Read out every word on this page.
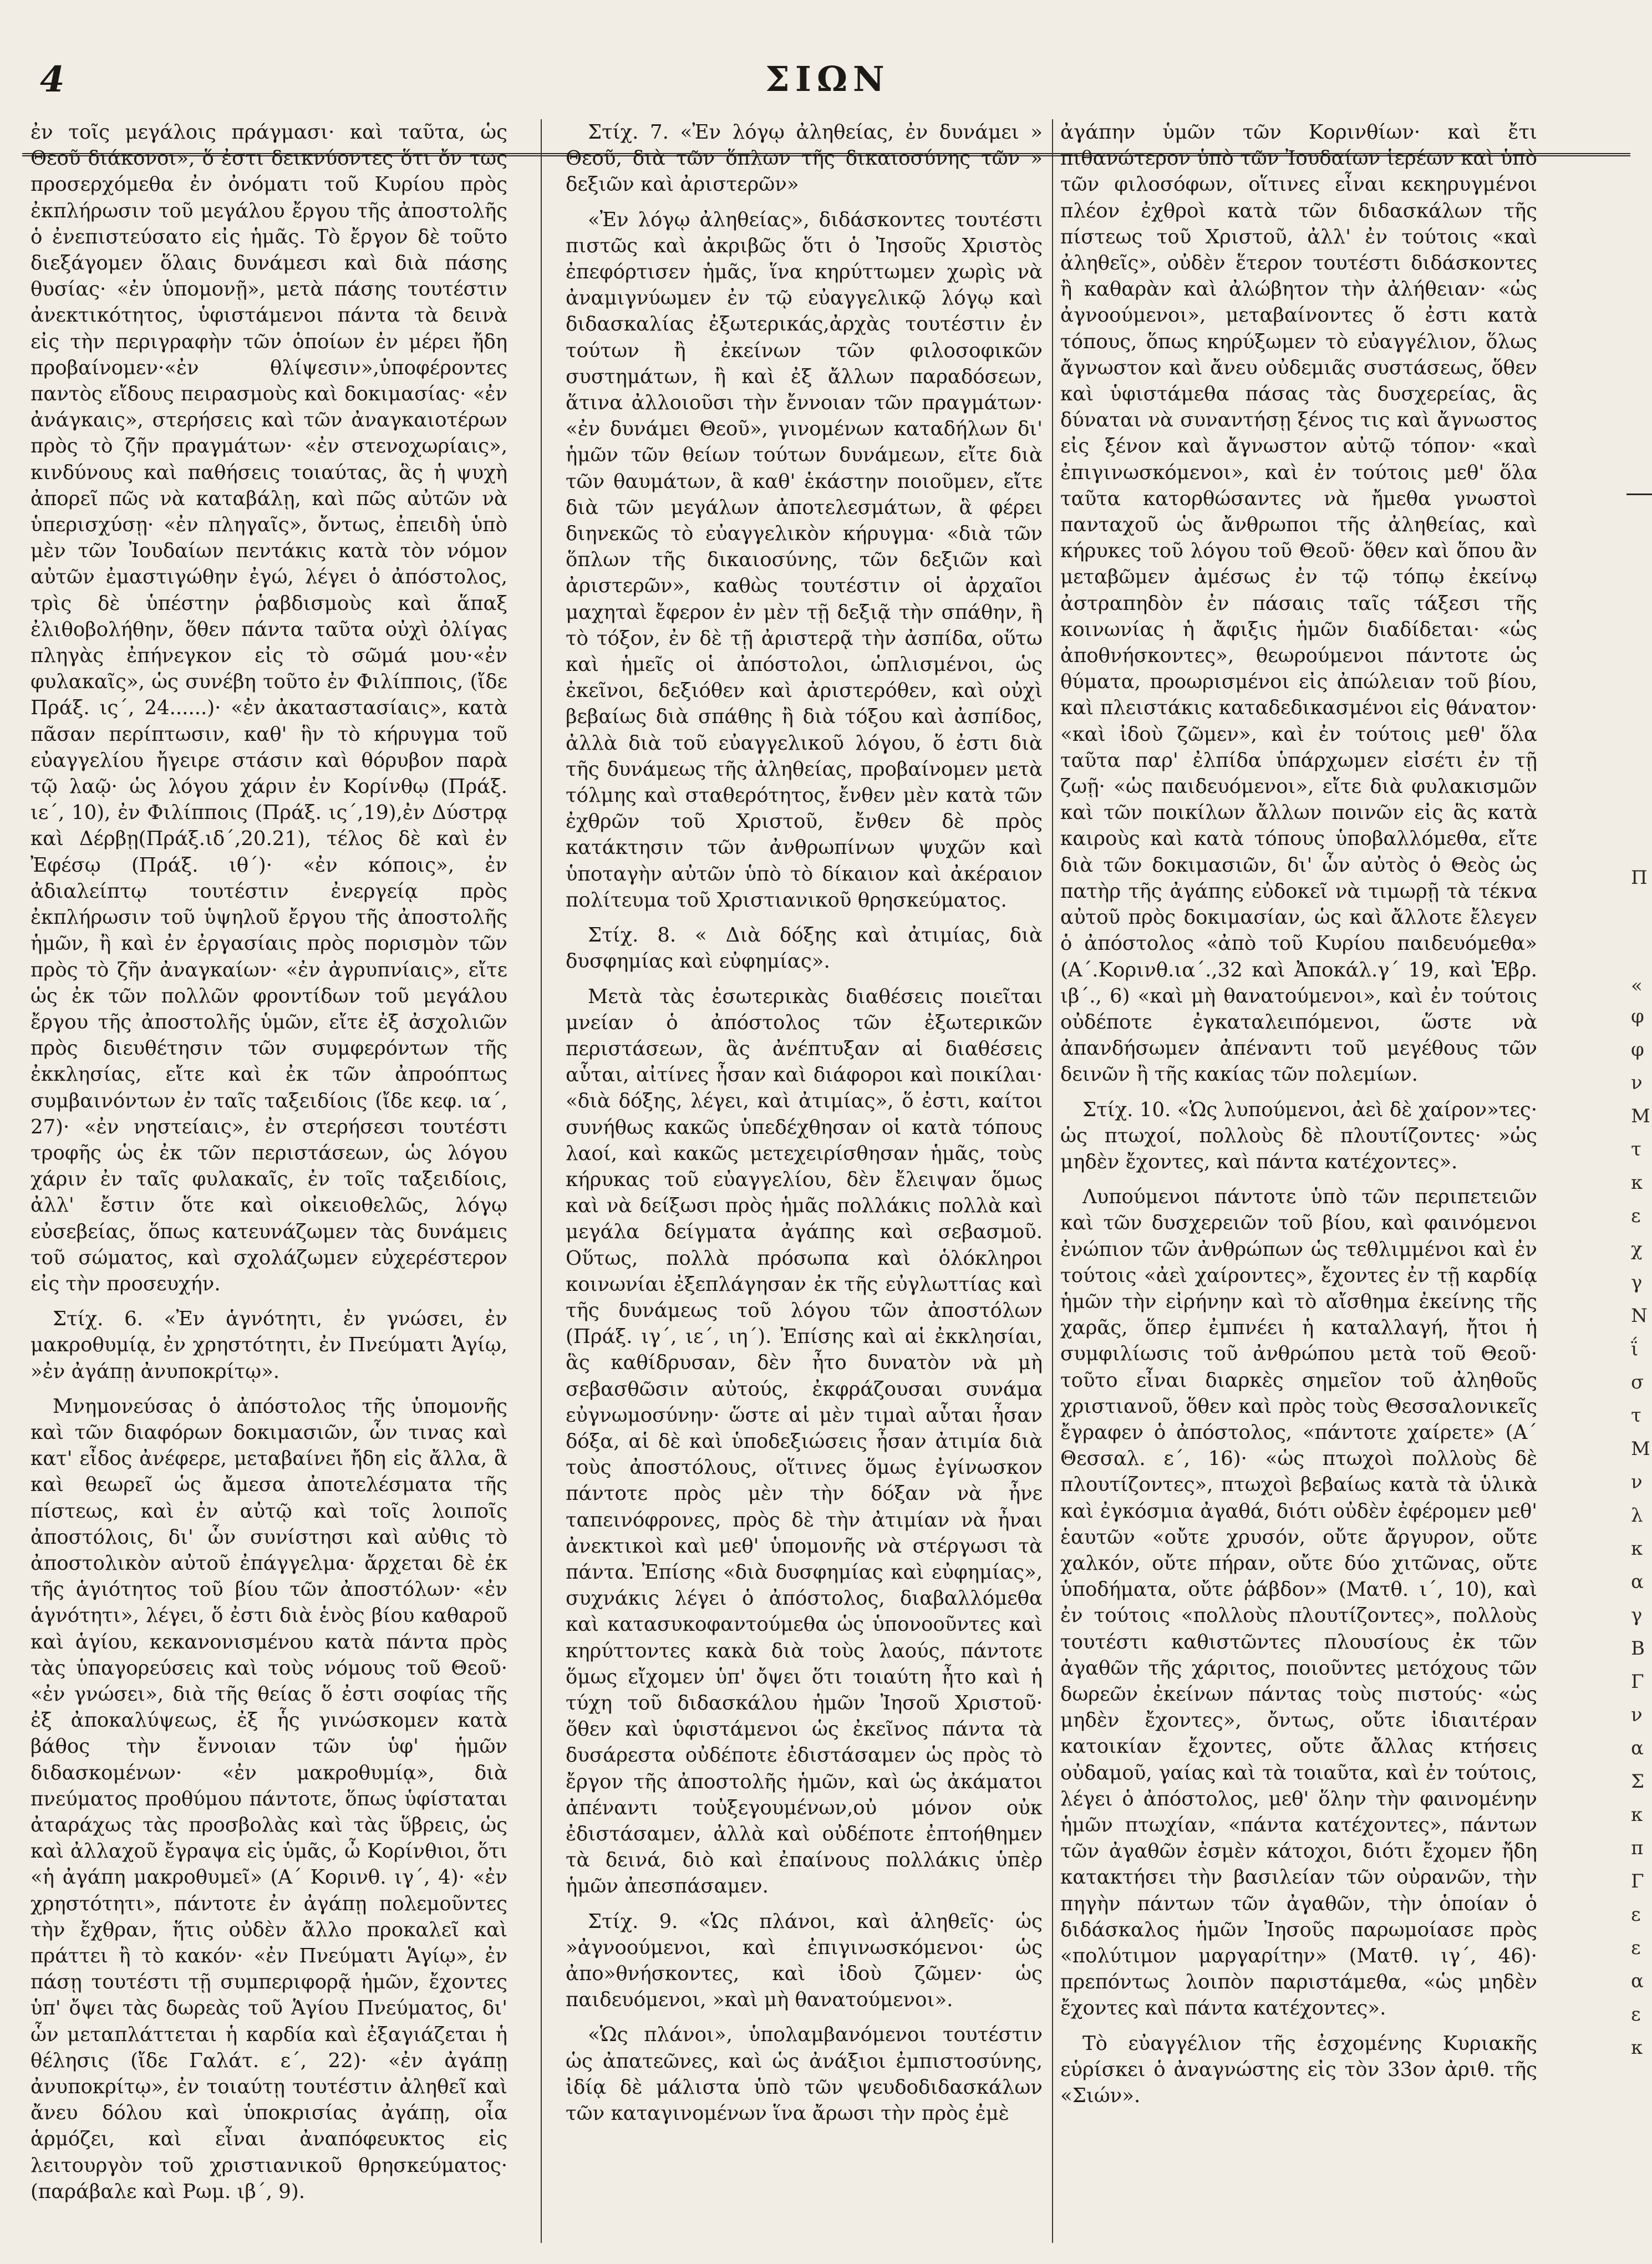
4	ΣΙΩΝ

ἐν τοῖς μεγάλοις πράγμασι· καὶ ταῦτα, ὡς Θεοῦ διάκονοι», ὅ ἐστι δεικνύοντες ὅτι ὄν τως προσερχόμεθα ἐν ὀνόματι τοῦ Κυρίου πρὸς ἐκπλήρωσιν τοῦ μεγάλου ἔργου τῆς ἀποστολῆς ὁ ἐνεπιστεύσατο εἰς ἡμᾶς. Τὸ ἔργον δὲ τοῦτο διεξάγομεν ὅλαις δυνάμεσι καὶ διὰ πάσης θυσίας· «ἐν ὑπομονῇ», μετὰ πάσης τουτέστιν ἀνεκτικότητος, ὑφιστάμενοι πάντα τὰ δεινὰ εἰς τὴν περιγραφὴν τῶν ὁποίων ἐν μέρει ἤδη προβαίνομεν·«ἐν θλίψεσιν»,ὑποφέροντες παντὸς εἴδους πειρασμοὺς καὶ δοκιμασίας· «ἐν ἀνάγκαις», στερήσεις καὶ τῶν ἀναγκαιοτέρων πρὸς τὸ ζῆν πραγμάτων· «ἐν στενοχωρίαις», κινδύνους καὶ παθήσεις τοιαύτας, ἃς ἡ ψυχὴ ἀπορεῖ πῶς νὰ καταβάλῃ, καὶ πῶς αὐτῶν νὰ ὑπερισχύσῃ· «ἐν πληγαῖς», ὄντως, ἐπειδὴ ὑπὸ μὲν τῶν Ἰουδαίων πεντάκις κατὰ τὸν νόμον αὐτῶν ἐμαστιγώθην ἐγώ, λέγει ὁ ἀπόστολος, τρὶς δὲ ὑπέστην ῥαβδισμοὺς καὶ ἅπαξ ἐλιθοβολήθην, ὅθεν πάντα ταῦτα οὐχὶ ὀλίγας πληγὰς ἐπήνεγκον εἰς τὸ σῶμά μου·«ἐν φυλακαῖς», ὡς συνέβη τοῦτο ἐν Φιλίπποις, (ἴδε Πράξ. ις΄, 24......)· «ἐν ἀκαταστασίαις», κατὰ πᾶσαν περίπτωσιν, καθ' ἣν τὸ κήρυγμα τοῦ εὐαγγελίου ἤγειρε στάσιν καὶ θόρυβον παρὰ τῷ λαῷ· ὡς λόγου χάριν ἐν Κορίνθῳ (Πράξ. ιε΄, 10), ἐν Φιλίπποις (Πράξ. ις΄,19),ἐν Δύστρᾳ καὶ Δέρβῃ(Πράξ.ιδ΄,20.21), τέλος δὲ καὶ ἐν Ἐφέσῳ (Πράξ. ιθ΄)· «ἐν κόποις», ἐν ἀδιαλείπτῳ τουτέστιν ἐνεργείᾳ πρὸς ἐκπλήρωσιν τοῦ ὑψηλοῦ ἔργου τῆς ἀποστολῆς ἡμῶν, ἢ καὶ ἐν ἐργασίαις πρὸς πορισμὸν τῶν πρὸς τὸ ζῆν ἀναγκαίων· «ἐν ἀγρυπνίαις», εἴτε ὡς ἐκ τῶν πολλῶν φροντίδων τοῦ μεγάλου ἔργου τῆς ἀποστολῆς ὑμῶν, εἴτε ἐξ ἀσχολιῶν πρὸς διευθέτησιν τῶν συμφερόντων τῆς ἐκκλησίας, εἴτε καὶ ἐκ τῶν ἀπροόπτως συμβαινόντων ἐν ταῖς ταξειδίοις (ἴδε κεφ. ια΄, 27)· «ἐν νηστείαις», ἐν στερήσεσι τουτέστι τροφῆς ὡς ἐκ τῶν περιστάσεων, ὡς λόγου χάριν ἐν ταῖς φυλακαῖς, ἐν τοῖς ταξειδίοις, ἀλλ' ἔστιν ὅτε καὶ οἰκειοθελῶς, λόγῳ εὐσεβείας, ὅπως κατευνάζωμεν τὰς δυνάμεις τοῦ σώματος, καὶ σχολάζωμεν εὐχερέστερον εἰς τὴν προσευχήν.

Στίχ. 6. «Ἐν ἁγνότητι, ἐν γνώσει, ἐν μακροθυμίᾳ, ἐν χρηστότητι, ἐν Πνεύματι Ἁγίῳ, »ἐν ἀγάπῃ ἀνυποκρίτῳ».

Μνημονεύσας ὁ ἀπόστολος τῆς ὑπομονῆς καὶ τῶν διαφόρων δοκιμασιῶν, ὧν τινας καὶ κατ' εἶδος ἀνέφερε, μεταβαίνει ἤδη εἰς ἄλλα, ἃ καὶ θεωρεῖ ὡς ἄμεσα ἀποτελέσματα τῆς πίστεως, καὶ ἐν αὐτῷ καὶ τοῖς λοιποῖς ἀποστόλοις, δι' ὧν συνίστησι καὶ αὐθις τὸ ἀποστολικὸν αὐτοῦ ἐπάγγελμα· ἄρχεται δὲ ἐκ τῆς ἁγιότητος τοῦ βίου τῶν ἀποστόλων· «ἐν ἁγνότητι», λέγει, ὅ ἐστι διὰ ἑνὸς βίου καθαροῦ καὶ ἁγίου, κεκανονισμένου κατὰ πάντα πρὸς τὰς ὑπαγορεύσεις καὶ τοὺς νόμους τοῦ Θεοῦ· «ἐν γνώσει», διὰ τῆς θείας ὅ ἐστι σοφίας τῆς ἐξ ἀποκαλύψεως, ἐξ ἧς γινώσκομεν κατὰ βάθος τὴν ἔννοιαν τῶν ὑφ' ἡμῶν διδασκομένων· «ἐν μακροθυμίᾳ», διὰ πνεύματος προθύμου πάντοτε, ὅπως ὑφίσταται ἀταράχως τὰς προσβολὰς καὶ τὰς ὕβρεις, ὡς καὶ ἀλλαχοῦ ἔγραψα εἰς ὑμᾶς, ὦ Κορίνθιοι, ὅτι «ἡ ἀγάπη μακροθυμεῖ» (Α΄ Κορινθ. ιγ΄, 4)· «ἐν χρηστότητι», πάντοτε ἐν ἀγάπῃ πολεμοῦντες τὴν ἔχθραν, ἥτις οὐδὲν ἄλλο προκαλεῖ καὶ πράττει ἢ τὸ κακόν· «ἐν Πνεύματι Ἁγίῳ», ἐν πάσῃ τουτέστι τῇ συμπεριφορᾷ ἡμῶν, ἔχοντες ὑπ' ὄψει τὰς δωρεὰς τοῦ Ἁγίου Πνεύματος, δι' ὧν μεταπλάττεται ἡ καρδία καὶ ἐξαγιάζεται ἡ θέλησις (ἴδε Γαλάτ. ε΄, 22)· «ἐν ἀγάπῃ ἀνυποκρίτῳ», ἐν τοιαύτῃ τουτέστιν ἀληθεῖ καὶ ἄνευ δόλου καὶ ὑποκρισίας ἀγάπῃ, οἷα ἁρμόζει, καὶ εἶναι ἀναπόφευκτος εἰς λειτουργὸν τοῦ χριστιανικοῦ θρησκεύματος· (παράβαλε καὶ Ρωμ. ιβ΄, 9).

Στίχ. 7. «Ἐν λόγῳ ἀληθείας, ἐν δυνάμει » Θεοῦ, διὰ τῶν ὅπλων τῆς δικαιοσύνης τῶν » δεξιῶν καὶ ἀριστερῶν»

«Ἐν λόγῳ ἀληθείας», διδάσκοντες τουτέστι πιστῶς καὶ ἀκριβῶς ὅτι ὁ Ἰησοῦς Χριστὸς ἐπεφόρτισεν ἡμᾶς, ἵνα κηρύττωμεν χωρὶς νὰ ἀναμιγνύωμεν ἐν τῷ εὐαγγελικῷ λόγῳ καὶ διδασκαλίας ἐξωτερικάς,ἀρχὰς τουτέστιν ἐν τούτων ἢ ἐκείνων τῶν φιλοσοφικῶν συστημάτων, ἢ καὶ ἐξ ἄλλων παραδόσεων, ἅτινα ἀλλοιοῦσι τὴν ἔννοιαν τῶν πραγμάτων· «ἐν δυνάμει Θεοῦ», γινομένων καταδήλων δι' ἡμῶν τῶν θείων τούτων δυνάμεων, εἴτε διὰ τῶν θαυμάτων, ἃ καθ' ἑκάστην ποιοῦμεν, εἴτε διὰ τῶν μεγάλων ἀποτελεσμάτων, ἃ φέρει διηνεκῶς τὸ εὐαγγελικὸν κήρυγμα· «διὰ τῶν ὅπλων τῆς δικαιοσύνης, τῶν δεξιῶν καὶ ἀριστερῶν», καθὼς τουτέστιν οἱ ἀρχαῖοι μαχηταὶ ἔφερον ἐν μὲν τῇ δεξιᾷ τὴν σπάθην, ἢ τὸ τόξον, ἐν δὲ τῇ ἀριστερᾷ τὴν ἀσπίδα, οὕτω καὶ ἡμεῖς οἱ ἀπόστολοι, ὡπλισμένοι, ὡς ἐκεῖνοι, δεξιόθεν καὶ ἀριστερόθεν, καὶ οὐχὶ βεβαίως διὰ σπάθης ἢ διὰ τόξου καὶ ἀσπίδος, ἀλλὰ διὰ τοῦ εὐαγγελικοῦ λόγου, ὅ ἐστι διὰ τῆς δυνάμεως τῆς ἀληθείας, προβαίνομεν μετὰ τόλμης καὶ σταθερότητος, ἔνθεν μὲν κατὰ τῶν ἐχθρῶν τοῦ Χριστοῦ, ἔνθεν δὲ πρὸς κατάκτησιν τῶν ἀνθρωπίνων ψυχῶν καὶ ὑποταγὴν αὐτῶν ὑπὸ τὸ δίκαιον καὶ ἀκέραιον πολίτευμα τοῦ Χριστιανικοῦ θρησκεύματος.

Στίχ. 8. « Διὰ δόξης καὶ ἀτιμίας, διὰ δυσφημίας καὶ εὐφημίας».

Μετὰ τὰς ἐσωτερικὰς διαθέσεις ποιεῖται μνείαν ὁ ἀπόστολος τῶν ἐξωτερικῶν περιστάσεων, ἃς ἀνέπτυξαν αἱ διαθέσεις αὗται, αἰτίνες ἦσαν καὶ διάφοροι καὶ ποικίλαι· «διὰ δόξης, λέγει, καὶ ἀτιμίας», ὅ ἐστι, καίτοι συνήθως κακῶς ὑπεδέχθησαν οἱ κατὰ τόπους λαοί, καὶ κακῶς μετεχειρίσθησαν ἡμᾶς, τοὺς κήρυκας τοῦ εὐαγγελίου, δὲν ἔλειψαν ὅμως καὶ νὰ δείξωσι πρὸς ἡμᾶς πολλάκις πολλὰ καὶ μεγάλα δείγματα ἀγάπης καὶ σεβασμοῦ. Οὕτως, πολλὰ πρόσωπα καὶ ὁλόκληροι κοινωνίαι ἐξεπλάγησαν ἐκ τῆς εὐγλωττίας καὶ τῆς δυνάμεως τοῦ λόγου τῶν ἀποστόλων (Πράξ. ιγ΄, ιε΄, ιη΄). Ἐπίσης καὶ αἱ ἐκκλησίαι, ἃς καθίδρυσαν, δὲν ἦτο δυνατὸν νὰ μὴ σεβασθῶσιν αὐτούς, ἐκφράζουσαι συνάμα εὐγνωμοσύνην· ὥστε αἱ μὲν τιμαὶ αὗται ἦσαν δόξα, αἱ δὲ καὶ ὑποδεξιώσεις ἦσαν ἀτιμία διὰ τοὺς ἀποστόλους, οἵτινες ὅμως ἐγίνωσκον πάντοτε πρὸς μὲν τὴν δόξαν νὰ ἦνε ταπεινόφρονες, πρὸς δὲ τὴν ἀτιμίαν νὰ ἦναι ἀνεκτικοὶ καὶ μεθ' ὑπομονῆς νὰ στέργωσι τὰ πάντα. Ἐπίσης «διὰ δυσφημίας καὶ εὐφημίας», συχνάκις λέγει ὁ ἀπόστολος, διαβαλλόμεθα καὶ κατασυκοφαντούμεθα ὡς ὑπονοοῦντες καὶ κηρύττοντες κακὰ διὰ τοὺς λαούς, πάντοτε ὅμως εἴχομεν ὑπ' ὄψει ὅτι τοιαύτη ἦτο καὶ ἡ τύχη τοῦ διδασκάλου ἡμῶν Ἰησοῦ Χριστοῦ· ὅθεν καὶ ὑφιστάμενοι ὡς ἐκεῖνος πάντα τὰ δυσάρεστα οὐδέποτε ἐδιστάσαμεν ὡς πρὸς τὸ ἔργον τῆς ἀποστολῆς ἡμῶν, καὶ ὡς ἀκάματοι ἀπέναντι τοὐξεγουμένων,οὐ μόνον οὐκ ἐδιστάσαμεν, ἀλλὰ καὶ οὐδέποτε ἐπτοήθημεν τὰ δεινά, διὸ καὶ ἐπαίνους πολλάκις ὑπὲρ ἡμῶν ἀπεσπάσαμεν.

Στίχ. 9. «Ὡς πλάνοι, καὶ ἀληθεῖς· ὡς »ἀγνοούμενοι, καὶ ἐπιγινωσκόμενοι· ὡς ἀπο»θνήσκοντες, καὶ ἰδοὺ ζῶμεν· ὡς παιδευόμενοι, »καὶ μὴ θανατούμενοι».

«Ὡς πλάνοι», ὑπολαμβανόμενοι τουτέστιν ὡς ἀπατεῶνες, καὶ ὡς ἀνάξιοι ἐμπιστοσύνης, ἰδίᾳ δὲ μάλιστα ὑπὸ τῶν ψευδοδιδασκάλων τῶν καταγινομένων ἵνα ἄρωσι τὴν πρὸς ἐμὲ

ἀγάπην ὑμῶν τῶν Κορινθίων· καὶ ἔτι πιθανώτερον ὑπὸ τῶν Ἰουδαίων ἱερέων καὶ ὑπὸ τῶν φιλοσόφων, οἵτινες εἶναι κεκηρυγμένοι πλέον ἐχθροὶ κατὰ τῶν διδασκάλων τῆς πίστεως τοῦ Χριστοῦ, ἀλλ' ἐν τούτοις «καὶ ἀληθεῖς», οὐδὲν ἕτερον τουτέστι διδάσκοντες ἢ καθαρὰν καὶ ἀλώβητον τὴν ἀλήθειαν· «ὡς ἀγνοούμενοι», μεταβαίνοντες ὅ ἐστι κατὰ τόπους, ὅπως κηρύξωμεν τὸ εὐαγγέλιον, ὅλως ἄγνωστον καὶ ἄνευ οὐδεμιᾶς συστάσεως, ὅθεν καὶ ὑφιστάμεθα πάσας τὰς δυσχερείας, ἃς δύναται νὰ συναντήσῃ ξένος τις καὶ ἄγνωστος εἰς ξένον καὶ ἄγνωστον αὐτῷ τόπον· «καὶ ἐπιγινωσκόμενοι», καὶ ἐν τούτοις μεθ' ὅλα ταῦτα κατορθώσαντες νὰ ἤμεθα γνωστοὶ πανταχοῦ ὡς ἄνθρωποι τῆς ἀληθείας, καὶ κήρυκες τοῦ λόγου τοῦ Θεοῦ· ὅθεν καὶ ὅπου ἂν μεταβῶμεν ἀμέσως ἐν τῷ τόπῳ ἐκείνῳ ἀστραπηδὸν ἐν πάσαις ταῖς τάξεσι τῆς κοινωνίας ἡ ἄφιξις ἡμῶν διαδίδεται· «ὡς ἀποθνήσκοντες», θεωρούμενοι πάντοτε ὡς θύματα, προωρισμένοι εἰς ἀπώλειαν τοῦ βίου, καὶ πλειστάκις καταδεδικασμένοι εἰς θάνατον· «καὶ ἰδοὺ ζῶμεν», καὶ ἐν τούτοις μεθ' ὅλα ταῦτα παρ' ἐλπίδα ὑπάρχωμεν εἰσέτι ἐν τῇ ζωῇ· «ὡς παιδευόμενοι», εἴτε διὰ φυλακισμῶν καὶ τῶν ποικίλων ἄλλων ποινῶν εἰς ἃς κατὰ καιροὺς καὶ κατὰ τόπους ὑποβαλλόμεθα, εἴτε διὰ τῶν δοκιμασιῶν, δι' ὧν αὐτὸς ὁ Θεὸς ὡς πατὴρ τῆς ἀγάπης εὐδοκεῖ νὰ τιμωρῇ τὰ τέκνα αὐτοῦ πρὸς δοκιμασίαν, ὡς καὶ ἄλλοτε ἔλεγεν ὁ ἀπόστολος «ἀπὸ τοῦ Κυρίου παιδευόμεθα» (Α΄.Κορινθ.ια΄.,32 καὶ Ἀποκάλ.γ΄ 19, καὶ Ἑβρ. ιβ΄., 6) «καὶ μὴ θανατούμενοι», καὶ ἐν τούτοις οὐδέποτε ἐγκαταλειπόμενοι, ὥστε νὰ ἀπανδήσωμεν ἀπέναντι τοῦ μεγέθους τῶν δεινῶν ἢ τῆς κακίας τῶν πολεμίων.

Στίχ. 10. «Ὡς λυπούμενοι, ἀεὶ δὲ χαίρον»τες· ὡς πτωχοί, πολλοὺς δὲ πλουτίζοντες· »ὡς μηδὲν ἔχοντες, καὶ πάντα κατέχοντες».

Λυπούμενοι πάντοτε ὑπὸ τῶν περιπετειῶν καὶ τῶν δυσχερειῶν τοῦ βίου, καὶ φαινόμενοι ἐνώπιον τῶν ἀνθρώπων ὡς τεθλιμμένοι καὶ ἐν τούτοις «ἀεὶ χαίροντες», ἔχοντες ἐν τῇ καρδίᾳ ἡμῶν τὴν εἰρήνην καὶ τὸ αἴσθημα ἐκείνης τῆς χαρᾶς, ὅπερ ἐμπνέει ἡ καταλλαγή, ἤτοι ἡ συμφιλίωσις τοῦ ἀνθρώπου μετὰ τοῦ Θεοῦ· τοῦτο εἶναι διαρκὲς σημεῖον τοῦ ἀληθοῦς χριστιανοῦ, ὅθεν καὶ πρὸς τοὺς Θεσσαλονικεῖς ἔγραφεν ὁ ἀπόστολος, «πάντοτε χαίρετε» (Α΄ Θεσσαλ. ε΄, 16)· «ὡς πτωχοὶ πολλοὺς δὲ πλουτίζοντες», πτωχοὶ βεβαίως κατὰ τὰ ὑλικὰ καὶ ἐγκόσμια ἀγαθά, διότι οὐδὲν ἐφέρομεν μεθ' ἑαυτῶν «οὔτε χρυσόν, οὔτε ἄργυρον, οὔτε χαλκόν, οὔτε πήραν, οὔτε δύο χιτῶνας, οὔτε ὑποδήματα, οὔτε ῥάβδον» (Ματθ. ι΄, 10), καὶ ἐν τούτοις «πολλοὺς πλουτίζοντες», πολλοὺς τουτέστι καθιστῶντες πλουσίους ἐκ τῶν ἀγαθῶν τῆς χάριτος, ποιοῦντες μετόχους τῶν δωρεῶν ἐκείνων πάντας τοὺς πιστούς· «ὡς μηδὲν ἔχοντες», ὄντως, οὔτε ἰδιαιτέραν κατοικίαν ἔχοντες, οὔτε ἄλλας κτήσεις οὐδαμοῦ, γαίας καὶ τὰ τοιαῦτα, καὶ ἐν τούτοις, λέγει ὁ ἀπόστολος, μεθ' ὅλην τὴν φαινομένην ἡμῶν πτωχίαν, «πάντα κατέχοντες», πάντων τῶν ἀγαθῶν ἐσμὲν κάτοχοι, διότι ἔχομεν ἤδη κατακτήσει τὴν βασιλείαν τῶν οὐρανῶν, τὴν πηγὴν πάντων τῶν ἀγαθῶν, τὴν ὁποίαν ὁ διδάσκαλος ἡμῶν Ἰησοῦς παρωμοίασε πρὸς «πολύτιμον μαργαρίτην» (Ματθ. ιγ΄, 46)· πρεπόντως λοιπὸν παριστάμεθα, «ὡς μηδὲν ἔχοντες καὶ πάντα κατέχοντες».

Τὸ εὐαγγέλιον τῆς ἐσχομένης Κυριακῆς εὑρίσκει ὁ ἀναγνώστης εἰς τὸν 33ον ἀριθ. τῆς «Σιών».

Π
«
φ
φ
ν
Μ
τ
κ
ε
χ
γ
Ν
ΐ
σ
τ
Μ
ν
λ
κ
α
γ
Β
Γ
ν
α
Σ
κ
π
Γ
ε
ε
α
ε
κ
